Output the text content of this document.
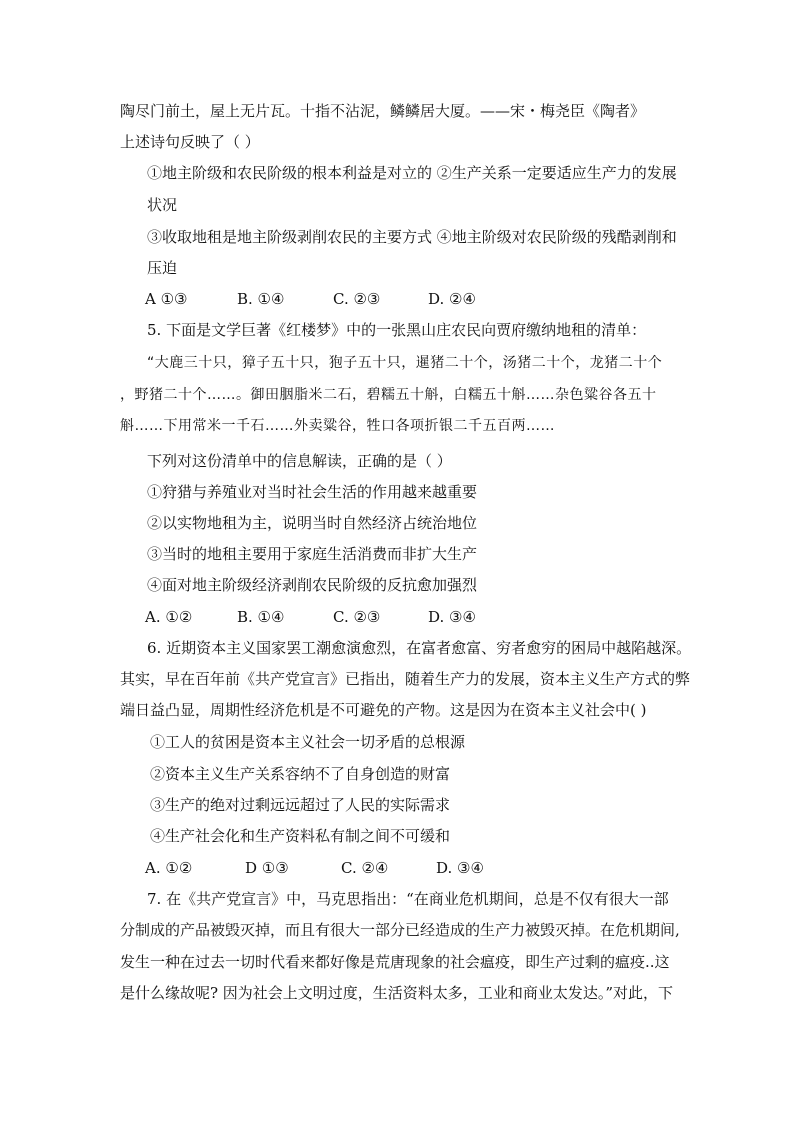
陶尽门前土，屋上无片瓦。十指不沾泥，鳞鳞居大厦。——宋・梅尧臣《陶者》
上述诗句反映了（ ）
①地主阶级和农民阶级的根本利益是对立的 ②生产关系一定要适应生产力的发展
状况
③收取地租是地主阶级剥削农民的主要方式 ④地主阶级对农民阶级的残酷剥削和
压迫
A ①③	B. ①④	C. ②③	D. ②④
5. 下面是文学巨著《红楼梦》中的一张黑山庄农民向贾府缴纳地租的清单：
“大鹿三十只，獐子五十只，狍子五十只，暹猪二十个，汤猪二十个，龙猪二十个
，野猪二十个……。御田胭脂米二石，碧糯五十斛，白糯五十斛……杂色粱谷各五十
斛……下用常米一千石……外卖粱谷，牲口各项折银二千五百两……
下列对这份清单中的信息解读，正确的是（ ）
①狩猎与养殖业对当时社会生活的作用越来越重要
②以实物地租为主，说明当时自然经济占统治地位
③当时的地租主要用于家庭生活消费而非扩大生产
④面对地主阶级经济剥削农民阶级的反抗愈加强烈
A. ①②	B. ①④	C. ②③	D. ③④
6. 近期资本主义国家罢工潮愈演愈烈，在富者愈富、穷者愈穷的困局中越陷越深。
其实，早在百年前《共产党宣言》已指出，随着生产力的发展，资本主义生产方式的弊
端日益凸显，周期性经济危机是不可避免的产物。这是因为在资本主义社会中( )
①工人的贫困是资本主义社会一切矛盾的总根源
②资本主义生产关系容纳不了自身创造的财富
③生产的绝对过剩远远超过了人民的实际需求
④生产社会化和生产资料私有制之间不可缓和
A. ①②	D ①③	C. ②④	D. ③④
7. 在《共产党宣言》中，马克思指出：“在商业危机期间，总是不仅有很大一部
分制成的产品被毁灭掉，而且有很大一部分已经造成的生产力被毁灭掉。在危机期间,
发生一种在过去一切时代看来都好像是荒唐现象的社会瘟疫，即生产过剩的瘟疫..这
是什么缘故呢? 因为社会上文明过度，生活资料太多，工业和商业太发达。”对此，下
